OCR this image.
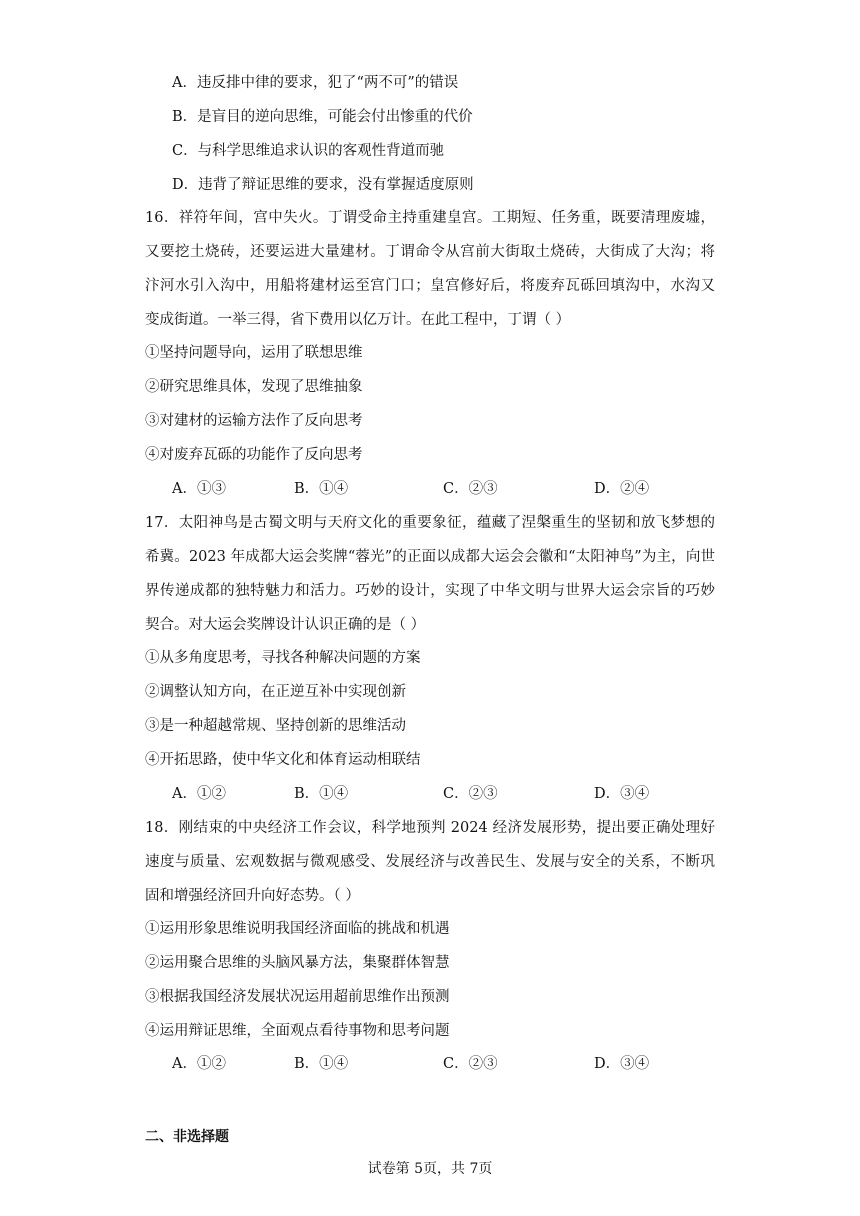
A．违反排中律的要求，犯了“两不可”的错误
B．是盲目的逆向思维，可能会付出惨重的代价
C．与科学思维追求认识的客观性背道而驰
D．违背了辩证思维的要求，没有掌握适度原则
16．祥符年间，宫中失火。丁谓受命主持重建皇宫。工期短、任务重，既要清理废墟，
又要挖土烧砖，还要运进大量建材。丁谓命令从宫前大街取土烧砖，大街成了大沟；将
汴河水引入沟中，用船将建材运至宫门口；皇宫修好后，将废弃瓦砾回填沟中，水沟又
变成街道。一举三得，省下费用以亿万计。在此工程中，丁谓（ ）
①坚持问题导向，运用了联想思维
②研究思维具体，发现了思维抽象
③对建材的运输方法作了反向思考
④对废弃瓦砾的功能作了反向思考
A．①③	B．①④	C．②③	D．②④
17．太阳神鸟是古蜀文明与天府文化的重要象征，蕴藏了涅槃重生的坚韧和放飞梦想的
希冀。2023 年成都大运会奖牌“蓉光”的正面以成都大运会会徽和“太阳神鸟”为主，向世
界传递成都的独特魅力和活力。巧妙的设计，实现了中华文明与世界大运会宗旨的巧妙
契合。对大运会奖牌设计认识正确的是（ ）
①从多角度思考，寻找各种解决问题的方案
②调整认知方向，在正逆互补中实现创新
③是一种超越常规、坚持创新的思维活动
④开拓思路，使中华文化和体育运动相联结
A．①②	B．①④	C．②③	D．③④
18．刚结束的中央经济工作会议，科学地预判 2024 经济发展形势，提出要正确处理好
速度与质量、宏观数据与微观感受、发展经济与改善民生、发展与安全的关系，不断巩
固和增强经济回升向好态势。（ ）
①运用形象思维说明我国经济面临的挑战和机遇
②运用聚合思维的头脑风暴方法，集聚群体智慧
③根据我国经济发展状况运用超前思维作出预测
④运用辩证思维，全面观点看待事物和思考问题
A．①②	B．①④	C．②③	D．③④
二、非选择题
试卷第 5页，共 7页
